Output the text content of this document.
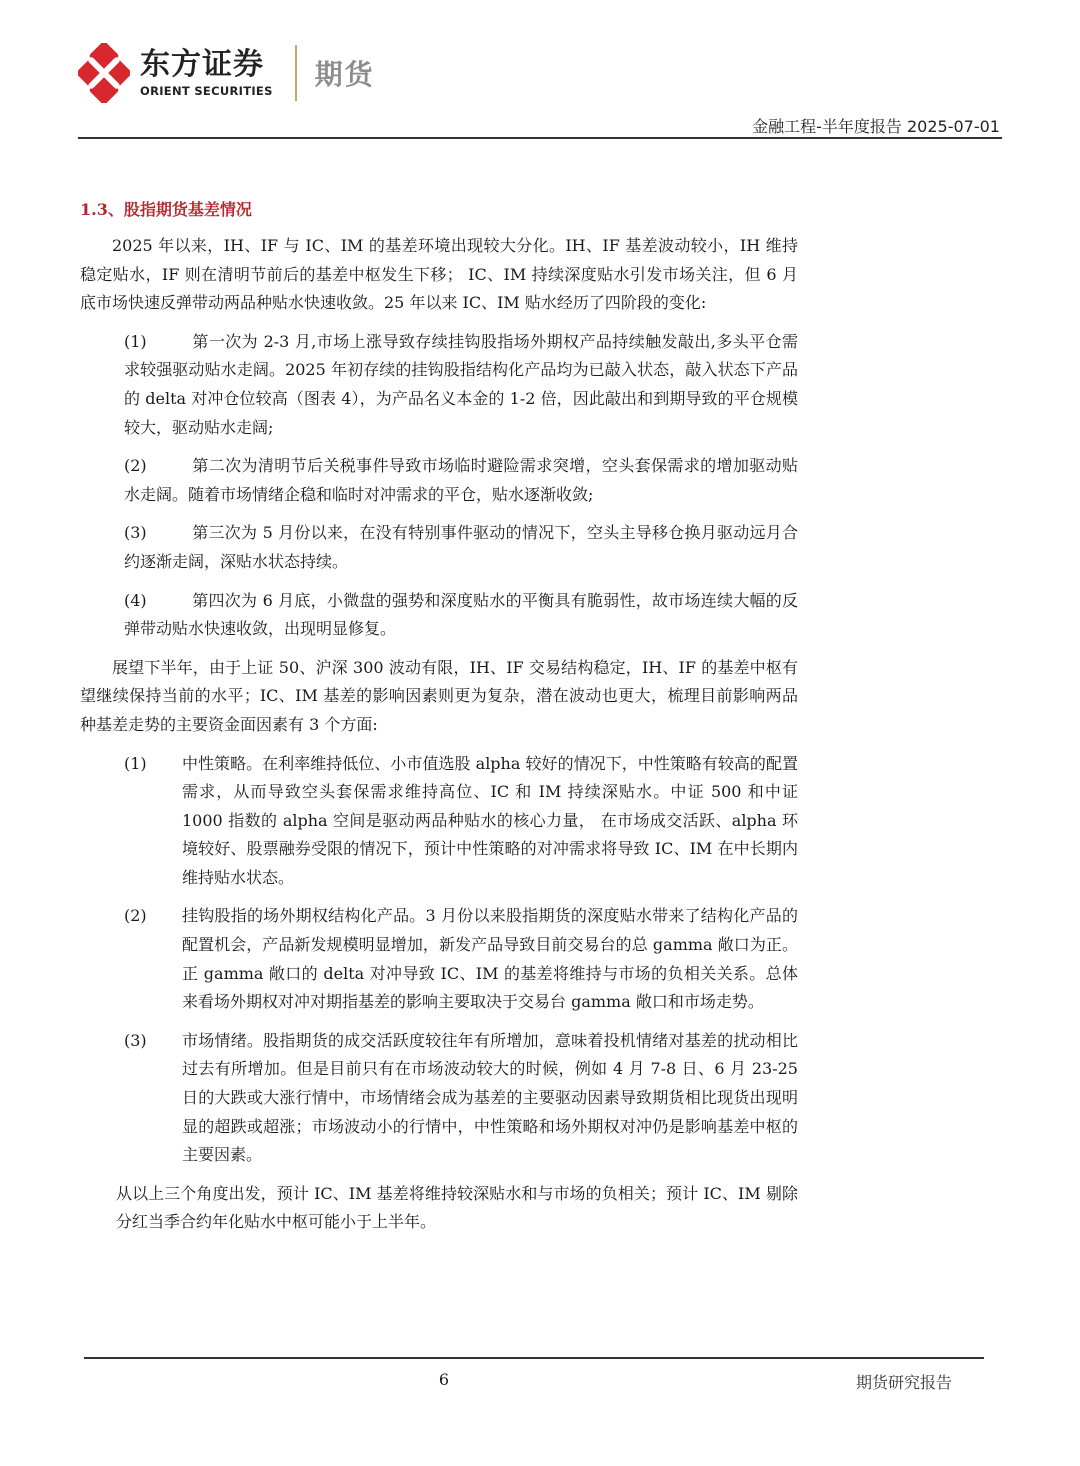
东方证券
ORIENT SECURITIES 期货
金融工程-半年度报告 2025-07-01
1.3、股指期货基差情况

2025 年以来，IH、IF 与 IC、IM 的基差环境出现较大分化。IH、IF 基差波动较小，IH 维持稳定贴水，IF 则在清明节前后的基差中枢发生下移； IC、IM 持续深度贴水引发市场关注，但 6 月底市场快速反弹带动两品种贴水快速收敛。25 年以来 IC、IM 贴水经历了四阶段的变化:

(1)	第一次为 2-3 月,市场上涨导致存续挂钩股指场外期权产品持续触发敲出,多头平仓需求较强驱动贴水走阔。2025 年初存续的挂钩股指结构化产品均为已敲入状态，敲入状态下产品的 delta 对冲仓位较高（图表 4），为产品名义本金的 1-2 倍，因此敲出和到期导致的平仓规模较大，驱动贴水走阔;

(2)	第二次为清明节后关税事件导致市场临时避险需求突增，空头套保需求的增加驱动贴水走阔。随着市场情绪企稳和临时对冲需求的平仓，贴水逐渐收敛;

(3)	第三次为 5 月份以来，在没有特别事件驱动的情况下，空头主导移仓换月驱动远月合约逐渐走阔，深贴水状态持续。

(4)	第四次为 6 月底，小微盘的强势和深度贴水的平衡具有脆弱性，故市场连续大幅的反弹带动贴水快速收敛，出现明显修复。

展望下半年，由于上证 50、沪深 300 波动有限，IH、IF 交易结构稳定，IH、IF 的基差中枢有望继续保持当前的水平；IC、IM 基差的影响因素则更为复杂，潜在波动也更大，梳理目前影响两品种基差走势的主要资金面因素有 3 个方面:

(1)	中性策略。在利率维持低位、小市值选股 alpha 较好的情况下，中性策略有较高的配置需求，从而导致空头套保需求维持高位、IC 和 IM 持续深贴水。中证 500 和中证 1000 指数的 alpha 空间是驱动两品种贴水的核心力量， 在市场成交活跃、alpha 环境较好、股票融券受限的情况下，预计中性策略的对冲需求将导致 IC、IM 在中长期内维持贴水状态。
(2)	挂钩股指的场外期权结构化产品。3 月份以来股指期货的深度贴水带来了结构化产品的配置机会，产品新发规模明显增加，新发产品导致目前交易台的总 gamma 敞口为正。正 gamma 敞口的 delta 对冲导致 IC、IM 的基差将维持与市场的负相关关系。总体来看场外期权对冲对期指基差的影响主要取决于交易台 gamma 敞口和市场走势。
(3)	市场情绪。股指期货的成交活跃度较往年有所增加，意味着投机情绪对基差的扰动相比过去有所增加。但是目前只有在市场波动较大的时候，例如 4 月 7-8 日、6 月 23-25 日的大跌或大涨行情中，市场情绪会成为基差的主要驱动因素导致期货相比现货出现明显的超跌或超涨；市场波动小的行情中，中性策略和场外期权对冲仍是影响基差中枢的主要因素。

从以上三个角度出发，预计 IC、IM 基差将维持较深贴水和与市场的负相关；预计 IC、IM 剔除分红当季合约年化贴水中枢可能小于上半年。

6	期货研究报告
